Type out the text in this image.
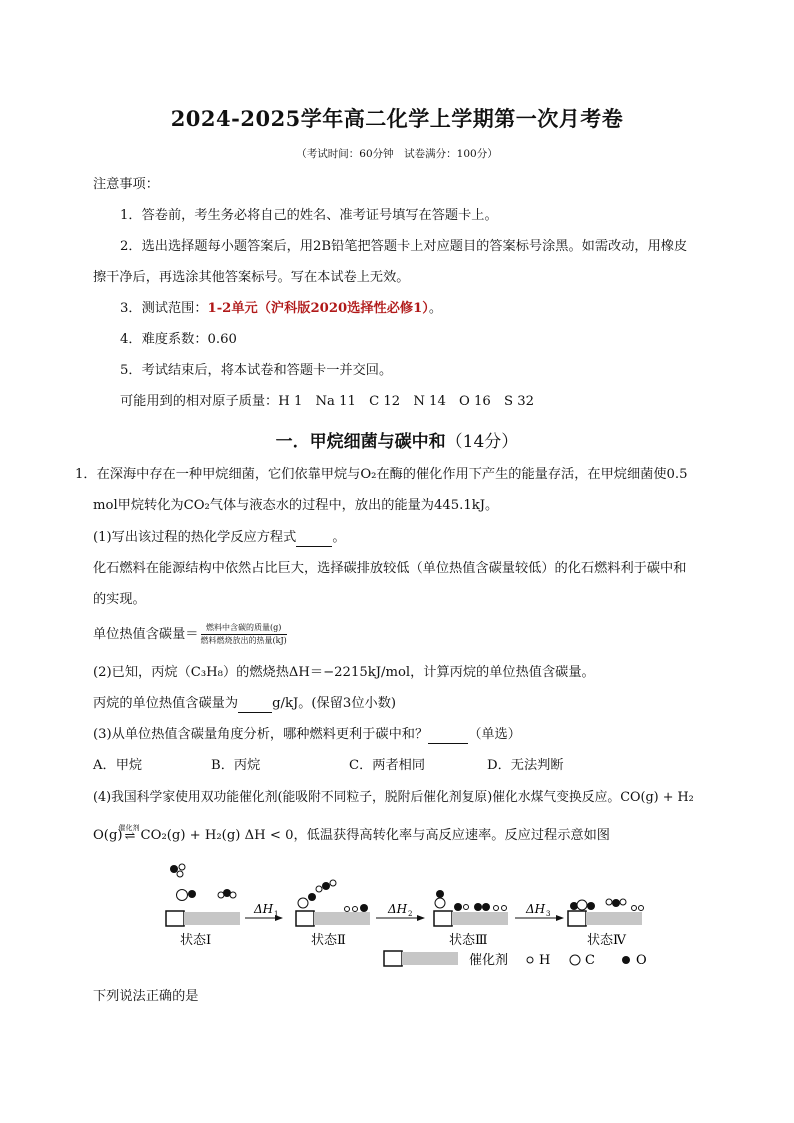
2024-2025学年高二化学上学期第一次月考卷
（考试时间：60分钟　试卷满分：100分）
注意事项：
1．答卷前，考生务必将自己的姓名、准考证号填写在答题卡上。
2．选出选择题每小题答案后，用2B铅笔把答题卡上对应题目的答案标号涂黑。如需改动，用橡皮
擦干净后，再选涂其他答案标号。写在本试卷上无效。
3．测试范围：1-2单元（沪科版2020选择性必修1）。
4．难度系数：0.60
5．考试结束后，将本试卷和答题卡一并交回。
可能用到的相对原子质量：H 1　Na 11　C 12　N 14　O 16　S 32
一．甲烷细菌与碳中和（14分）
1．在深海中存在一种甲烷细菌，它们依靠甲烷与O₂在酶的催化作用下产生的能量存活，在甲烷细菌使0.5
mol甲烷转化为CO₂气体与液态水的过程中，放出的能量为445.1kJ。
(1)写出该过程的热化学反应方程式	。
化石燃料在能源结构中依然占比巨大，选择碳排放较低（单位热值含碳量较低）的化石燃料利于碳中和
的实现。
单位热值含碳量＝ $\frac{\text{燃料中含碳的质量(g)}}{\text{燃料燃烧放出的热量(kJ)}}$
(2)已知，丙烷（C₃H₈）的燃烧热ΔH＝−2215kJ/mol，计算丙烷的单位热值含碳量。
丙烷的单位热值含碳量为	g/kJ。(保留3位小数)
(3)从单位热值含碳量角度分析，哪种燃料更利于碳中和？	（单选）
A．甲烷	B．丙烷	C．两者相同	D．无法判断
(4)我国科学家使用双功能催化剂(能吸附不同粒子，脱附后催化剂复原)催化水煤气变换反应。CO(g) + H₂
O(g)
催化剂
⇌ CO₂(g) + H₂(g) ΔH < 0，低温获得高转化率与高反应速率。反应过程示意如图
状态Ⅰ
ΔH 1
状态Ⅱ
ΔH 2
状态Ⅲ
ΔH 3
状态Ⅳ
催化剂 H	C	O
下列说法正确的是
